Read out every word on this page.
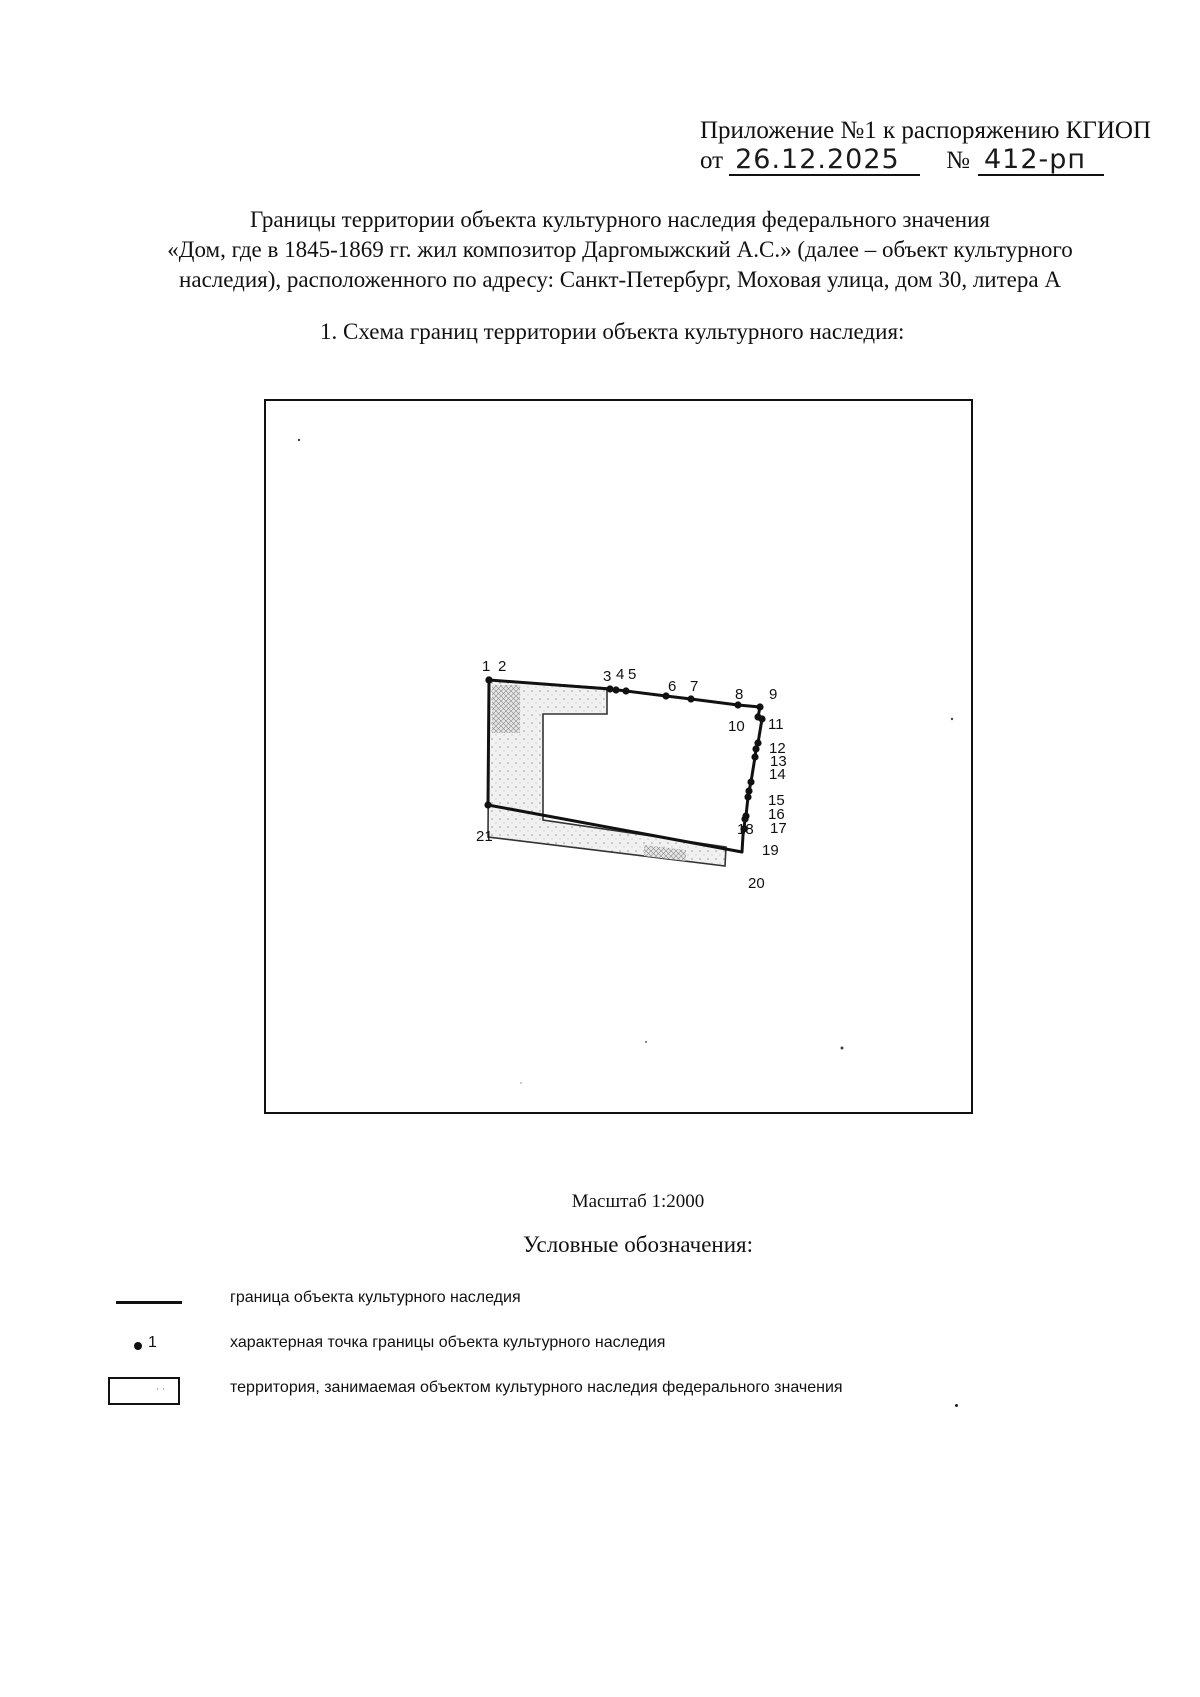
Приложение №1 к распоряжению КГИОП
от 26.12.2025	№ 412-рп
Границы территории объекта культурного наследия федерального значения
«Дом, где в 1845-1869 гг. жил композитор Даргомыжский А.С.» (далее – объект культурного
наследия), расположенного по адресу: Санкт-Петербург, Моховая улица, дом 30, литера А
1. Схема границ территории объекта культурного наследия:
1 2
3 4 5
6 7 8 9
10 11
12
13
14
15
16
17
18
19
20
21
Масштаб 1:2000
Условные обозначения:
граница объекта культурного наследия
1	характерная точка границы объекта культурного наследия
··	территория, занимаемая объектом культурного наследия федерального значения
